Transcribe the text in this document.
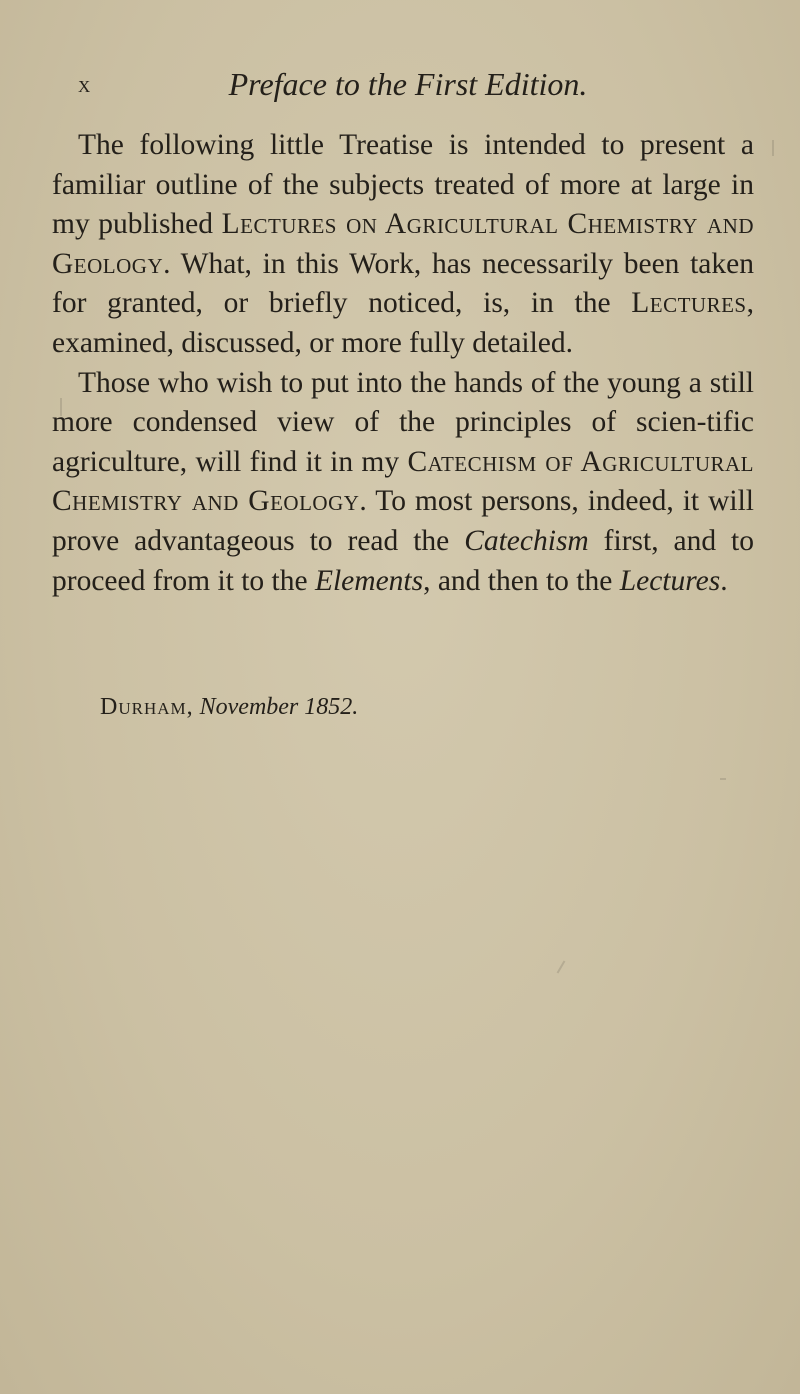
x	Preface to the First Edition.

The following little Treatise is intended to present a familiar outline of the subjects treated of more at large in my published Lectures on Agricultural Chemistry and Geology. What, in this Work, has necessarily been taken for granted, or briefly noticed, is, in the Lectures, examined, discussed, or more fully detailed.

Those who wish to put into the hands of the young a still more condensed view of the principles of scien-tific agriculture, will find it in my Catechism of Agricultural Chemistry and Geology. To most persons, indeed, it will prove advantageous to read the Catechism first, and to proceed from it to the Elements, and then to the Lectures.

Durham, November 1852.
